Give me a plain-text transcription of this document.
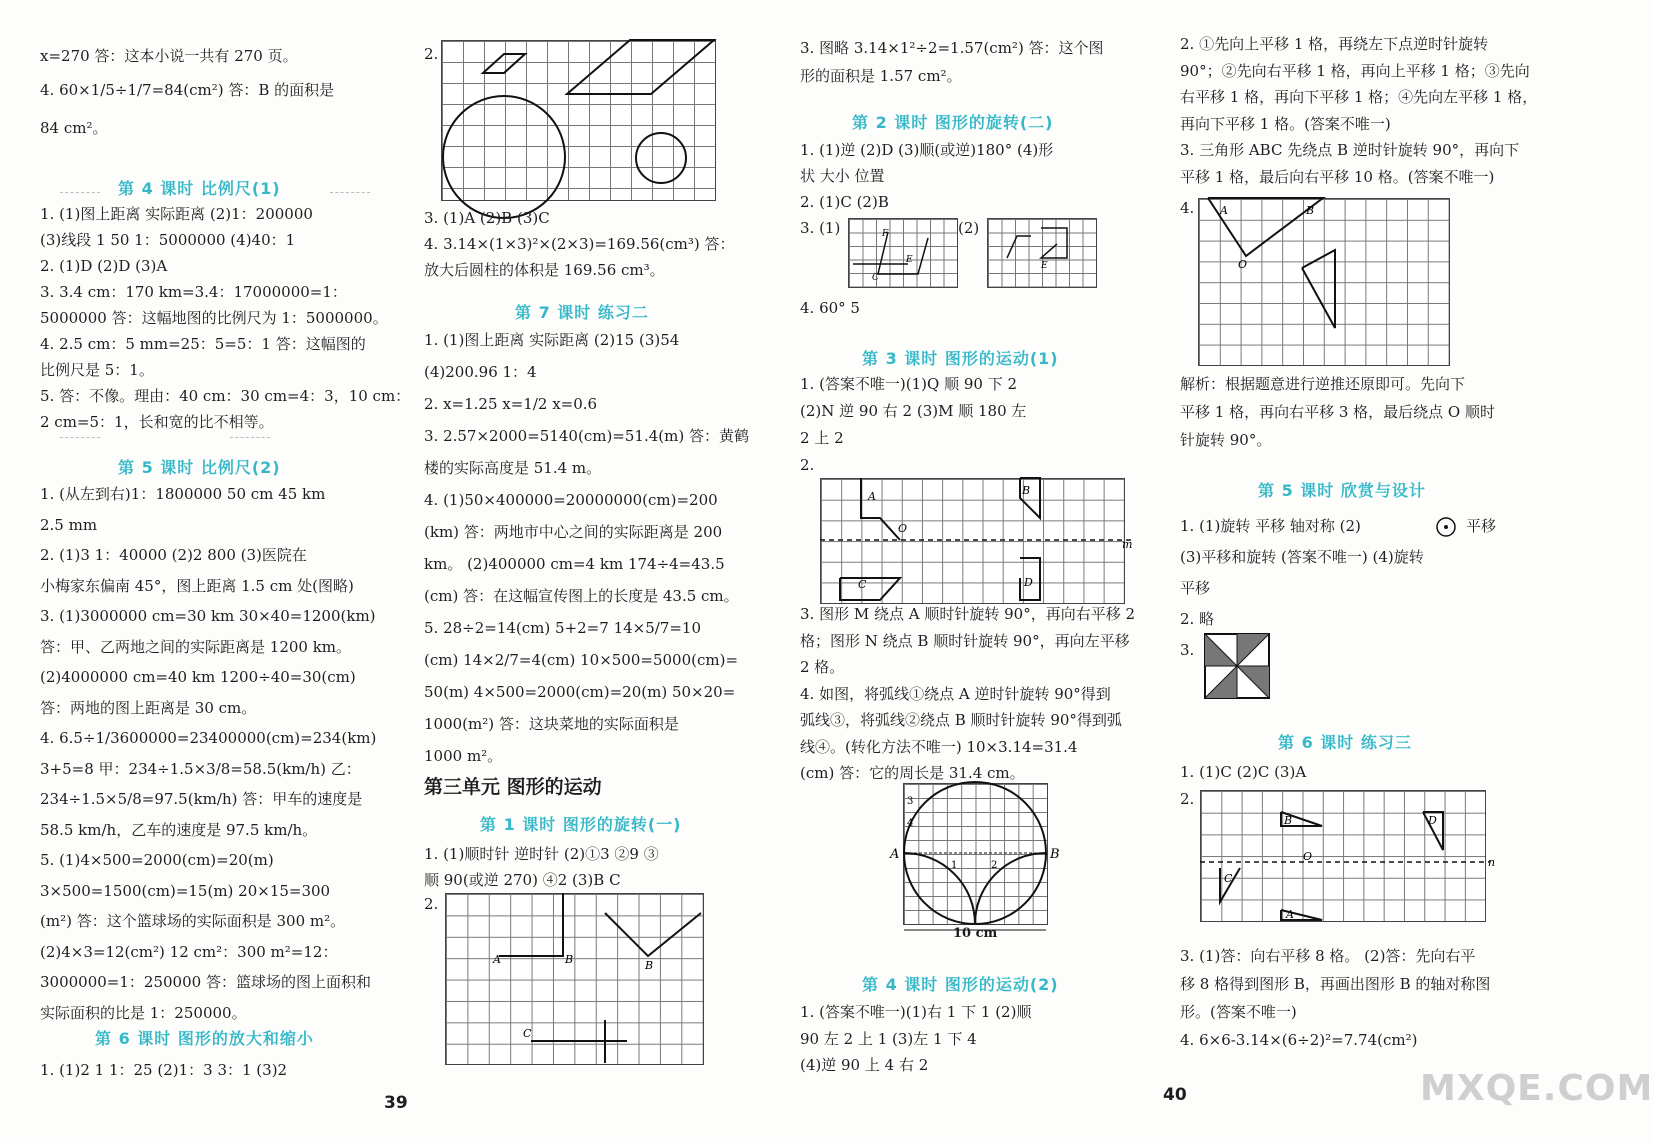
x=270 答：这本小说一共有 270 页。
4. 60×1/5÷1/7=84(cm²) 答：B 的面积是
84 cm²。
第 4 课时 比例尺(1)
1. (1)图上距离 实际距离 (2)1：200000
(3)线段 1 50 1：5000000 (4)40：1
2. (1)D (2)D (3)A
3. 3.4 cm：170 km=3.4：17000000=1：
5000000 答：这幅地图的比例尺为 1：5000000。
4. 2.5 cm：5 mm=25：5=5：1 答：这幅图的
比例尺是 5：1。
5. 答：不像。理由：40 cm：30 cm=4：3，10 cm：
2 cm=5：1，长和宽的比不相等。
第 5 课时 比例尺(2)
1. (从左到右)1：1800000 50 cm 45 km
2.5 mm
2. (1)3 1：40000 (2)2 800 (3)医院在
小梅家东偏南 45°，图上距离 1.5 cm 处(图略)
3. (1)3000000 cm=30 km 30×40=1200(km)
答：甲、乙两地之间的实际距离是 1200 km。
(2)4000000 cm=40 km 1200÷40=30(cm)
答：两地的图上距离是 30 cm。
4. 6.5÷1/3600000=23400000(cm)=234(km)
3+5=8 甲：234÷1.5×3/8=58.5(km/h) 乙：
234÷1.5×5/8=97.5(km/h) 答：甲车的速度是
58.5 km/h，乙车的速度是 97.5 km/h。
5. (1)4×500=2000(cm)=20(m)
3×500=1500(cm)=15(m) 20×15=300
(m²) 答：这个篮球场的实际面积是 300 m²。
(2)4×3=12(cm²) 12 cm²：300 m²=12：
3000000=1：250000 答：篮球场的图上面积和
实际面积的比是 1：250000。
第 6 课时 图形的放大和缩小
1. (1)2 1 1：25 (2)1：3 3：1 (3)2
2.
3. (1)A (2)B (3)C
4. 3.14×(1×3)²×(2×3)=169.56(cm³) 答：
放大后圆柱的体积是 169.56 cm³。
第 7 课时 练习二
1. (1)图上距离 实际距离 (2)15 (3)54
(4)200.96 1：4
2. x=1.25 x=1/2 x=0.6
3. 2.57×2000=5140(cm)=51.4(m) 答：黄鹤
楼的实际高度是 51.4 m。
4. (1)50×400000=20000000(cm)=200
(km) 答：两地市中心之间的实际距离是 200
km。 (2)400000 cm=4 km 174÷4=43.5
(cm) 答：在这幅宣传图上的长度是 43.5 cm。
5. 28÷2=14(cm) 5+2=7 14×5/7=10
(cm) 14×2/7=4(cm) 10×500=5000(cm)=
50(m) 4×500=2000(cm)=20(m) 50×20=
1000(m²) 答：这块菜地的实际面积是
1000 m²。
第三单元 图形的运动
第 1 课时 图形的旋转(一)
1. (1)顺时针 逆时针 (2)①3 ②9 ③
顺 90(或逆 270) ④2 (3)B C
2.
A	B	B
C
39
3. 图略 3.14×1²÷2=1.57(cm²) 答：这个图
形的面积是 1.57 cm²。
第 2 课时 图形的旋转(二)
1. (1)逆 (2)D (3)顺(或逆)180° (4)形
状 大小 位置
2. (1)C (2)B
3. (1)	F
E
C
(2)
E
4. 60° 5
第 3 课时 图形的运动(1)
1. (答案不唯一)(1)Q 顺 90 下 2
(2)N 逆 90 右 2 (3)M 顺 180 左
2 上 2
2.
A	B
O
C	D
m
3. 图形 M 绕点 A 顺时针旋转 90°，再向右平移 2
格；图形 N 绕点 B 顺时针旋转 90°，再向左平移
2 格。
4. 如图，将弧线①绕点 A 逆时针旋转 90°得到
弧线③，将弧线②绕点 B 顺时针旋转 90°得到弧
线④。(转化方法不唯一) 10×3.14=31.4
(cm) 答：它的周长是 31.4 cm。
A	B
3
4
1	2
10 cm
第 4 课时 图形的运动(2)
1. (答案不唯一)(1)右 1 下 1 (2)顺
90 左 2 上 1 (3)左 1 下 4
(4)逆 90 上 4 右 2
40
2. ①先向上平移 1 格，再绕左下点逆时针旋转
90°；②先向右平移 1 格，再向上平移 1 格；③先向
右平移 1 格，再向下平移 1 格；④先向左平移 1 格，
再向下平移 1 格。(答案不唯一)
3. 三角形 ABC 先绕点 B 逆时针旋转 90°，再向下
平移 1 格，最后向右平移 10 格。(答案不唯一)
4. A	B
O
解析：根据题意进行逆推还原即可。先向下
平移 1 格，再向右平移 3 格，最后绕点 O 顺时
针旋转 90°。
第 5 课时 欣赏与设计
1. (1)旋转 平移 轴对称 (2)
(3)平移和旋转 (答案不唯一) (4)旋转
平移
2. 略
3.
第 6 课时 练习三
1. (1)C (2)C (3)A
2.
B	D
O
C
A
n
3. (1)答：向右平移 8 格。 (2)答：先向右平
移 8 格得到图形 B，再画出图形 B 的轴对称图
形。(答案不唯一)
4. 6×6-3.14×(6÷2)²=7.74(cm²)
MXQE.COM
平移
